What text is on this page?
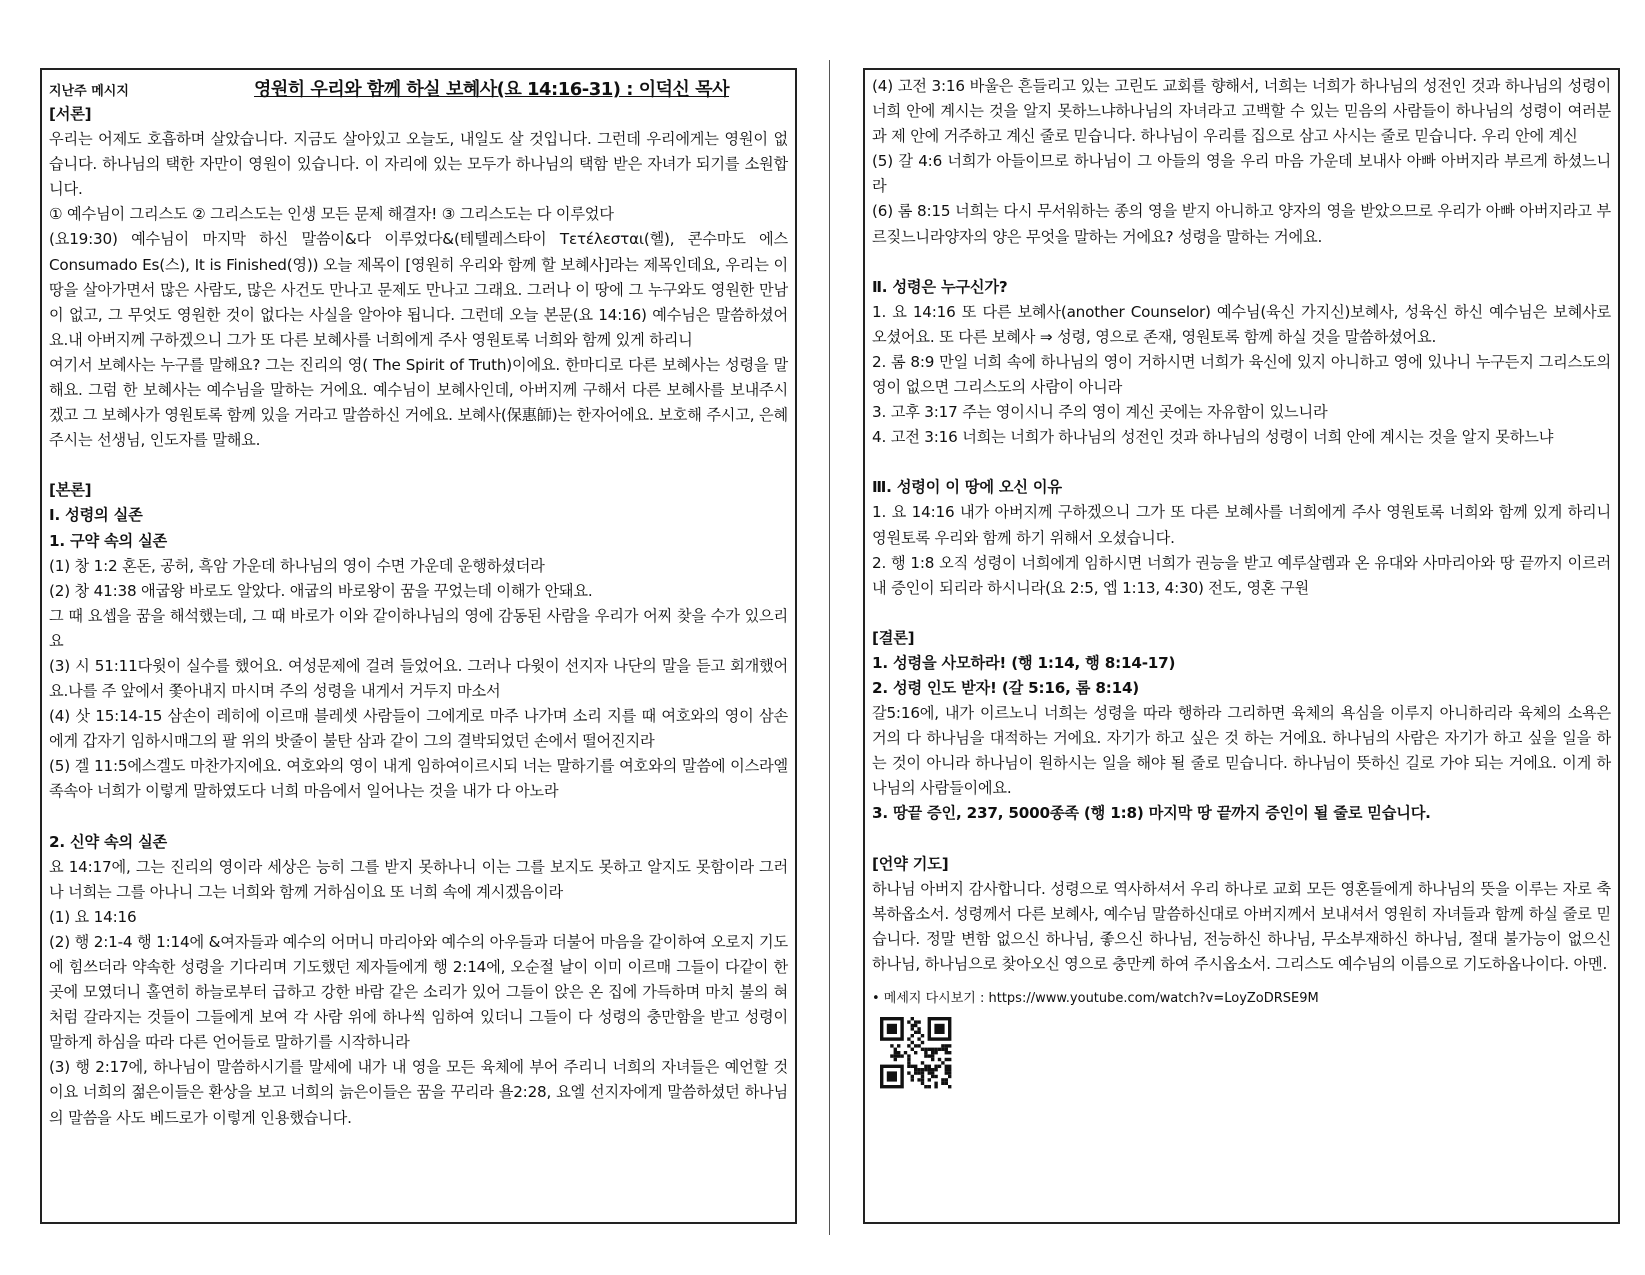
지난주 메시지	영원히 우리와 함께 하실 보혜사(요 14:16-31) : 이덕신 목사

[서론]

우리는 어제도 호흡하며 살았습니다. 지금도 살아있고 오늘도, 내일도 살 것입니다. 그런데 우리에게는 영원이 없습니다. 하나님의 택한 자만이 영원이 있습니다. 이 자리에 있는 모두가 하나님의 택함 받은 자녀가 되기를 소원합니다.

① 예수님이 그리스도 ② 그리스도는 인생 모든 문제 해결자! ③ 그리스도는 다 이루었다

(요19:30) 예수님이 마지막 하신 말씀이&다 이루었다&(테텔레스타이 Τετέλεσται(헬), 콘수마도 에스 Consumado Es(스), It is Finished(영)) 오늘 제목이 [영원히 우리와 함께 할 보혜사]라는 제목인데요, 우리는 이 땅을 살아가면서 많은 사람도, 많은 사건도 만나고 문제도 만나고 그래요. 그러나 이 땅에 그 누구와도 영원한 만남이 없고, 그 무엇도 영원한 것이 없다는 사실을 알아야 됩니다. 그런데 오늘 본문(요 14:16) 예수님은 말씀하셨어요.내 아버지께 구하겠으니 그가 또 다른 보혜사를 너희에게 주사 영원토록 너희와 함께 있게 하리니

여기서 보혜사는 누구를 말해요? 그는 진리의 영( The Spirit of Truth)이에요. 한마디로 다른 보혜사는 성령을 말해요. 그럼 한 보혜사는 예수님을 말하는 거에요. 예수님이 보혜사인데, 아버지께 구해서 다른 보혜사를 보내주시겠고 그 보혜사가 영원토록 함께 있을 거라고 말씀하신 거에요. 보혜사(保惠師)는 한자어에요. 보호해 주시고, 은혜 주시는 선생님, 인도자를 말해요.

[본론]

Ⅰ. 성령의 실존

1. 구약 속의 실존

(1) 창 1:2 혼돈, 공허, 흑암 가운데 하나님의 영이 수면 가운데 운행하셨더라

(2) 창 41:38 애굽왕 바로도 알았다. 애굽의 바로왕이 꿈을 꾸었는데 이해가 안돼요.

그 때 요셉을 꿈을 해석했는데, 그 때 바로가 이와 같이하나님의 영에 감동된 사람을 우리가 어찌 찾을 수가 있으리요

(3) 시 51:11다윗이 실수를 했어요. 여성문제에 걸려 들었어요. 그러나 다윗이 선지자 나단의 말을 듣고 회개했어요.나를 주 앞에서 쫓아내지 마시며 주의 성령을 내게서 거두지 마소서

(4) 삿 15:14-15 삼손이 레히에 이르매 블레셋 사람들이 그에게로 마주 나가며 소리 지를 때 여호와의 영이 삼손에게 갑자기 임하시매그의 팔 위의 밧줄이 불탄 삼과 같이 그의 결박되었던 손에서 떨어진지라

(5) 겔 11:5에스겔도 마찬가지에요. 여호와의 영이 내게 임하여이르시되 너는 말하기를 여호와의 말씀에 이스라엘 족속아 너희가 이렇게 말하였도다 너희 마음에서 일어나는 것을 내가 다 아노라

2. 신약 속의 실존

요 14:17에, 그는 진리의 영이라 세상은 능히 그를 받지 못하나니 이는 그를 보지도 못하고 알지도 못함이라 그러나 너희는 그를 아나니 그는 너희와 함께 거하심이요 또 너희 속에 계시겠음이라

(1) 요 14:16

(2) 행 2:1-4 행 1:14에 &여자들과 예수의 어머니 마리아와 예수의 아우들과 더불어 마음을 같이하여 오로지 기도에 힘쓰더라 약속한 성령을 기다리며 기도했던 제자들에게 행 2:14에, 오순절 날이 이미 이르매 그들이 다같이 한 곳에 모였더니 홀연히 하늘로부터 급하고 강한 바람 같은 소리가 있어 그들이 앉은 온 집에 가득하며 마치 불의 혀처럼 갈라지는 것들이 그들에게 보여 각 사람 위에 하나씩 임하여 있더니 그들이 다 성령의 충만함을 받고 성령이 말하게 하심을 따라 다른 언어들로 말하기를 시작하니라

(3) 행 2:17에, 하나님이 말씀하시기를 말세에 내가 내 영을 모든 육체에 부어 주리니 너희의 자녀들은 예언할 것이요 너희의 젊은이들은 환상을 보고 너희의 늙은이들은 꿈을 꾸리라 욜2:28, 요엘 선지자에게 말씀하셨던 하나님의 말씀을 사도 베드로가 이렇게 인용했습니다.

(4) 고전 3:16 바울은 흔들리고 있는 고린도 교회를 향해서, 너희는 너희가 하나님의 성전인 것과 하나님의 성령이 너희 안에 계시는 것을 알지 못하느냐하나님의 자녀라고 고백할 수 있는 믿음의 사람들이 하나님의 성령이 여러분과 제 안에 거주하고 계신 줄로 믿습니다. 하나님이 우리를 집으로 삼고 사시는 줄로 믿습니다. 우리 안에 계신

(5) 갈 4:6 너희가 아들이므로 하나님이 그 아들의 영을 우리 마음 가운데 보내사 아빠 아버지라 부르게 하셨느니라

(6) 롬 8:15 너희는 다시 무서워하는 종의 영을 받지 아니하고 양자의 영을 받았으므로 우리가 아빠 아버지라고 부르짖느니라양자의 양은 무엇을 말하는 거에요? 성령을 말하는 거에요.

Ⅱ. 성령은 누구신가?

1. 요 14:16 또 다른 보혜사(another Counselor) 예수님(육신 가지신)보혜사, 성육신 하신 예수님은 보혜사로 오셨어요. 또 다른 보혜사 ⇒ 성령, 영으로 존재, 영원토록 함께 하실 것을 말씀하셨어요.

2. 롬 8:9 만일 너희 속에 하나님의 영이 거하시면 너희가 육신에 있지 아니하고 영에 있나니 누구든지 그리스도의 영이 없으면 그리스도의 사람이 아니라

3. 고후 3:17 주는 영이시니 주의 영이 계신 곳에는 자유함이 있느니라

4. 고전 3:16 너희는 너희가 하나님의 성전인 것과 하나님의 성령이 너희 안에 계시는 것을 알지 못하느냐

Ⅲ. 성령이 이 땅에 오신 이유

1. 요 14:16 내가 아버지께 구하겠으니 그가 또 다른 보혜사를 너희에게 주사 영원토록 너희와 함께 있게 하리니 영원토록 우리와 함께 하기 위해서 오셨습니다.

2. 행 1:8 오직 성령이 너희에게 임하시면 너희가 권능을 받고 예루살렘과 온 유대와 사마리아와 땅 끝까지 이르러 내 증인이 되리라 하시니라(요 2:5, 엡 1:13, 4:30) 전도, 영혼 구원

[결론]

1. 성령을 사모하라! (행 1:14, 행 8:14-17)

2. 성령 인도 받자! (갈 5:16, 롬 8:14)

갈5:16에, 내가 이르노니 너희는 성령을 따라 행하라 그리하면 육체의 욕심을 이루지 아니하리라 육체의 소욕은 거의 다 하나님을 대적하는 거에요. 자기가 하고 싶은 것 하는 거에요. 하나님의 사람은 자기가 하고 싶을 일을 하는 것이 아니라 하나님이 원하시는 일을 해야 될 줄로 믿습니다. 하나님이 뜻하신 길로 가야 되는 거에요. 이게 하나님의 사람들이에요.

3. 땅끝 증인, 237, 5000종족 (행 1:8) 마지막 땅 끝까지 증인이 될 줄로 믿습니다.

[언약 기도]

하나님 아버지 감사합니다. 성령으로 역사하셔서 우리 하나로 교회 모든 영혼들에게 하나님의 뜻을 이루는 자로 축복하옵소서. 성령께서 다른 보혜사, 예수님 말씀하신대로 아버지께서 보내셔서 영원히 자녀들과 함께 하실 줄로 믿습니다. 정말 변함 없으신 하나님, 좋으신 하나님, 전능하신 하나님, 무소부재하신 하나님, 절대 불가능이 없으신 하나님, 하나님으로 찾아오신 영으로 충만케 하여 주시옵소서. 그리스도 예수님의 이름으로 기도하옵나이다. 아멘.

• 메세지 다시보기 : https://www.youtube.com/watch?v=LoyZoDRSE9M
